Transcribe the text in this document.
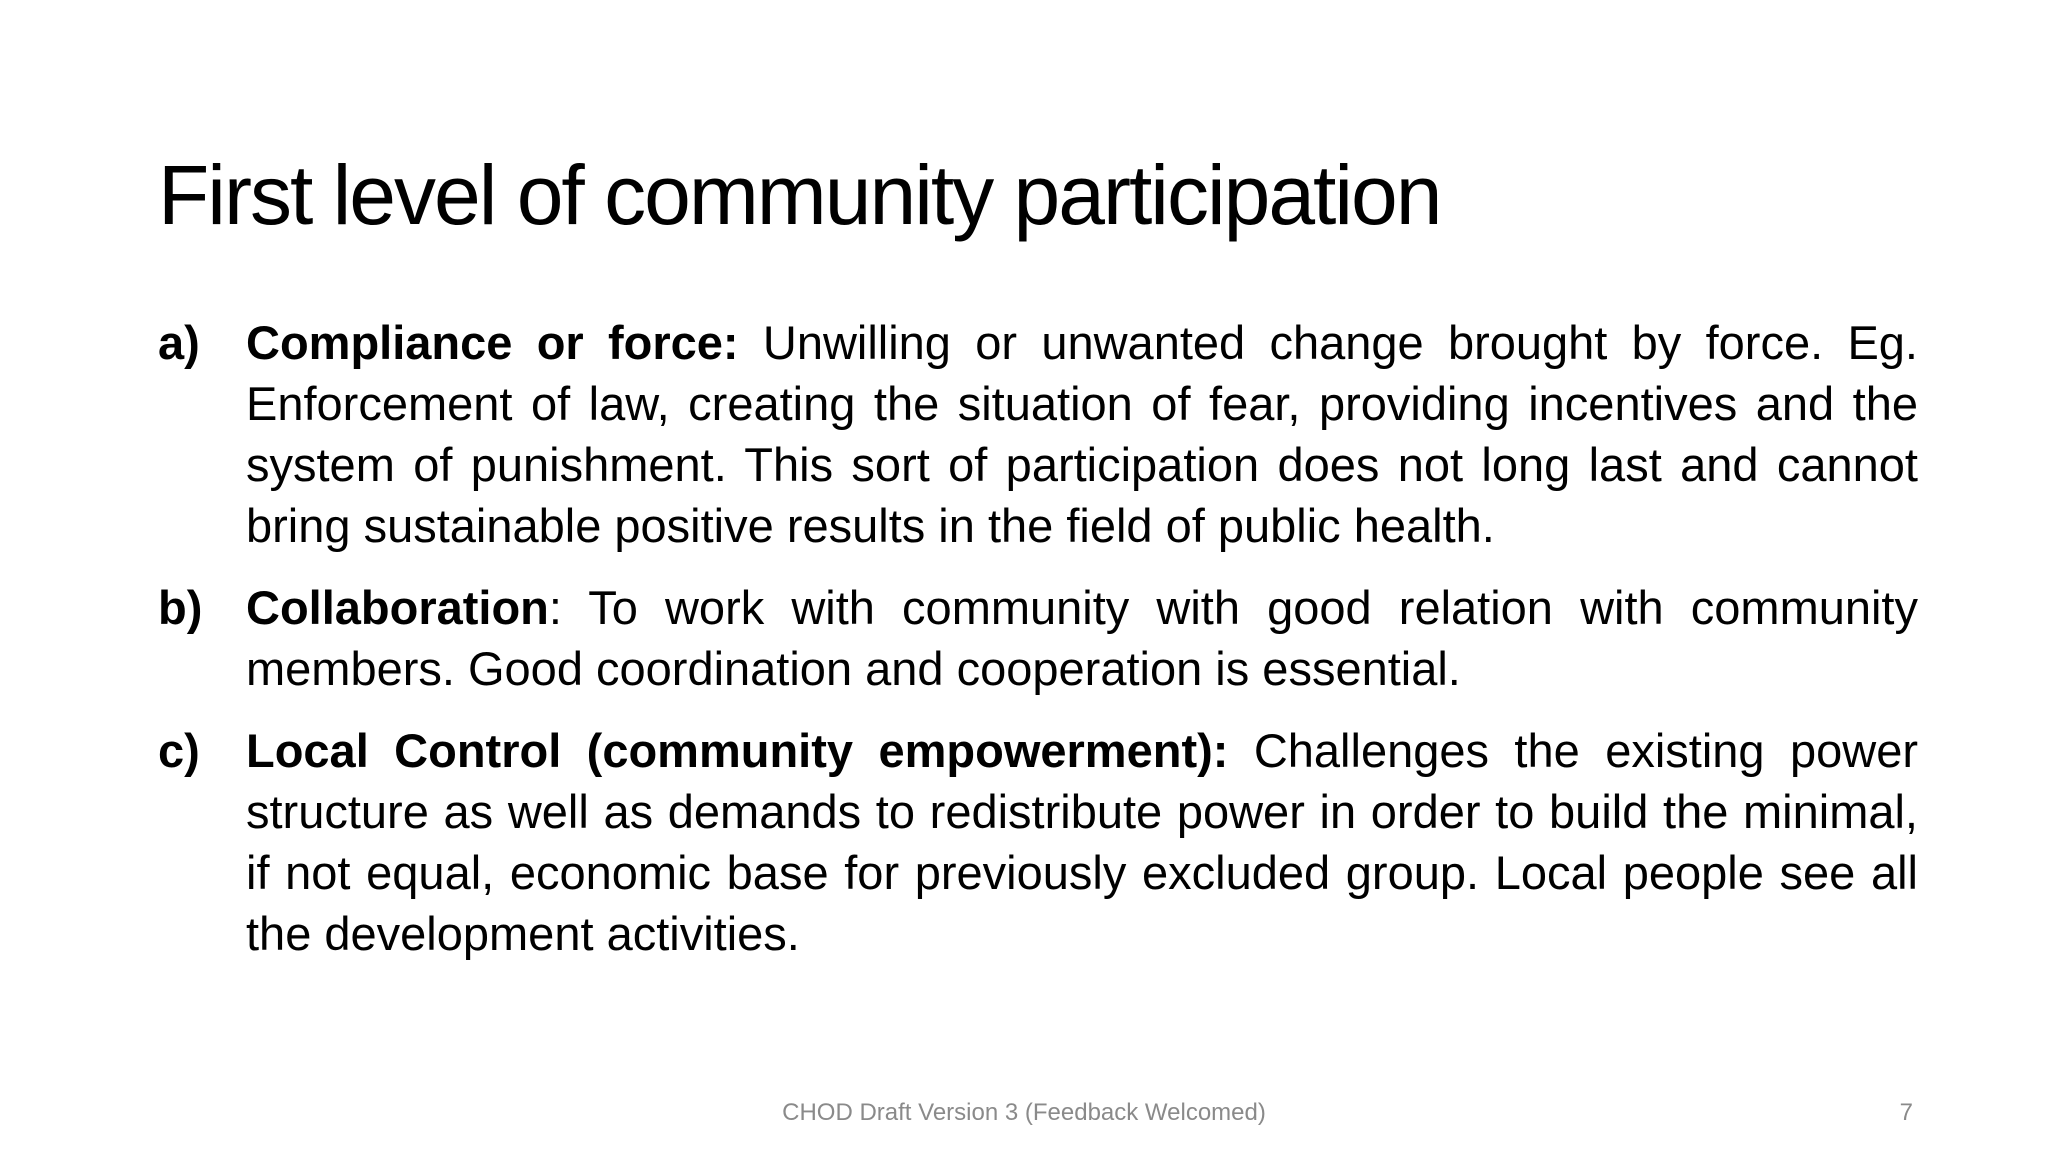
First level of community participation
a) Compliance or force: Unwilling or unwanted change brought by force. Eg. Enforcement of law, creating the situation of fear, providing incentives and the system of punishment. This sort of participation does not long last and cannot bring sustainable positive results in the field of public health.
b) Collaboration: To work with community with good relation with community members. Good coordination and cooperation is essential.
c) Local Control (community empowerment): Challenges the existing power structure as well as demands to redistribute power in order to build the minimal, if not equal, economic base for previously excluded group. Local people see all the development activities.
CHOD Draft Version 3 (Feedback Welcomed)	7
